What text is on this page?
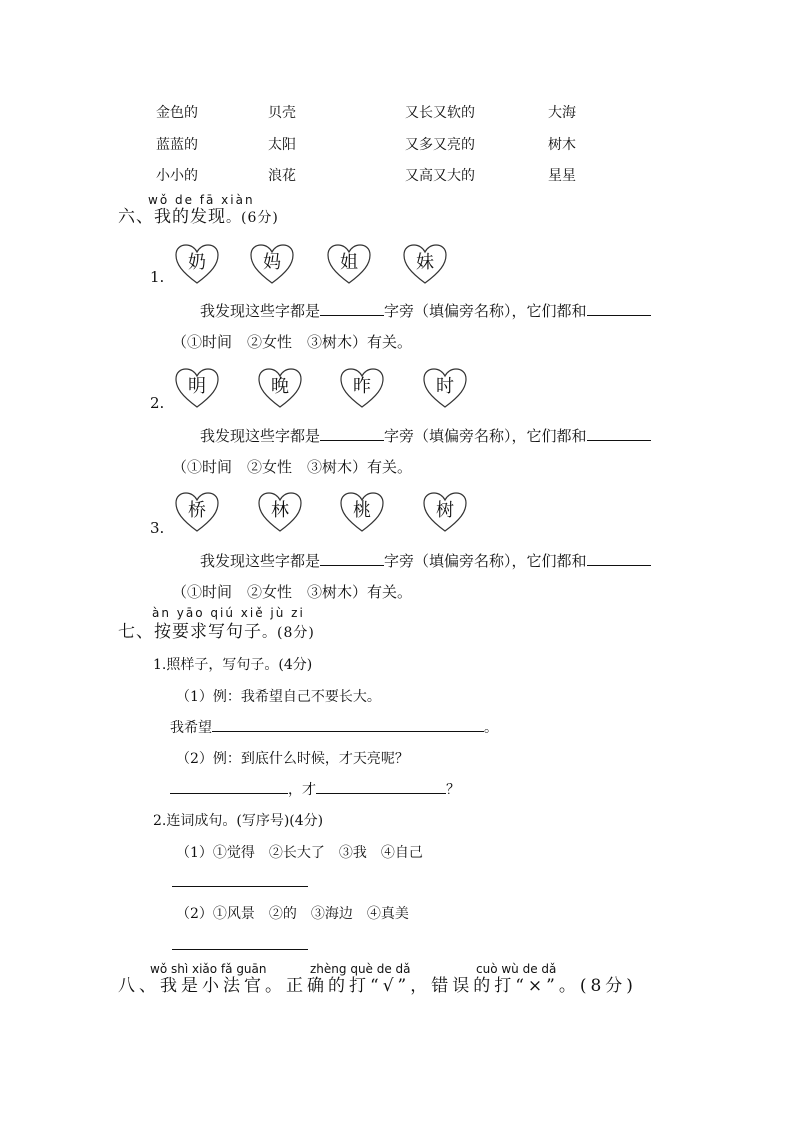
金色的	贝壳	又长又软的	大海
蓝蓝的	太阳	又多又亮的	树木
小小的	浪花	又高又大的	星星
wǒ de fā xiàn
六、我的发现。(6分)
1.
奶	妈	姐	妹
我发现这些字都是	字旁（填偏旁名称），它们都和
（①时间　②女性　③树木）有关。
2.
明	晚	昨	时
我发现这些字都是	字旁（填偏旁名称），它们都和
（①时间　②女性　③树木）有关。
3.
桥	林	桃	树
我发现这些字都是	字旁（填偏旁名称），它们都和
（①时间　②女性　③树木）有关。
àn yāo qiú xiě jù zi
七、按要求写句子。(8分)
1.照样子，写句子。(4分)
（1）例：我希望自己不要长大。
我希望	。
（2）例：到底什么时候，才天亮呢？
，才	？
2.连词成句。(写序号)(4分)
（1）①觉得　②长大了　③我　④自己
（2）①风景　②的　③海边　④真美
wǒ shì xiǎo fǎ guān	zhèng què de dǎ	cuò wù de dǎ
八、我是小法官。正确的打“√”，错误的打“×”。(8分)
